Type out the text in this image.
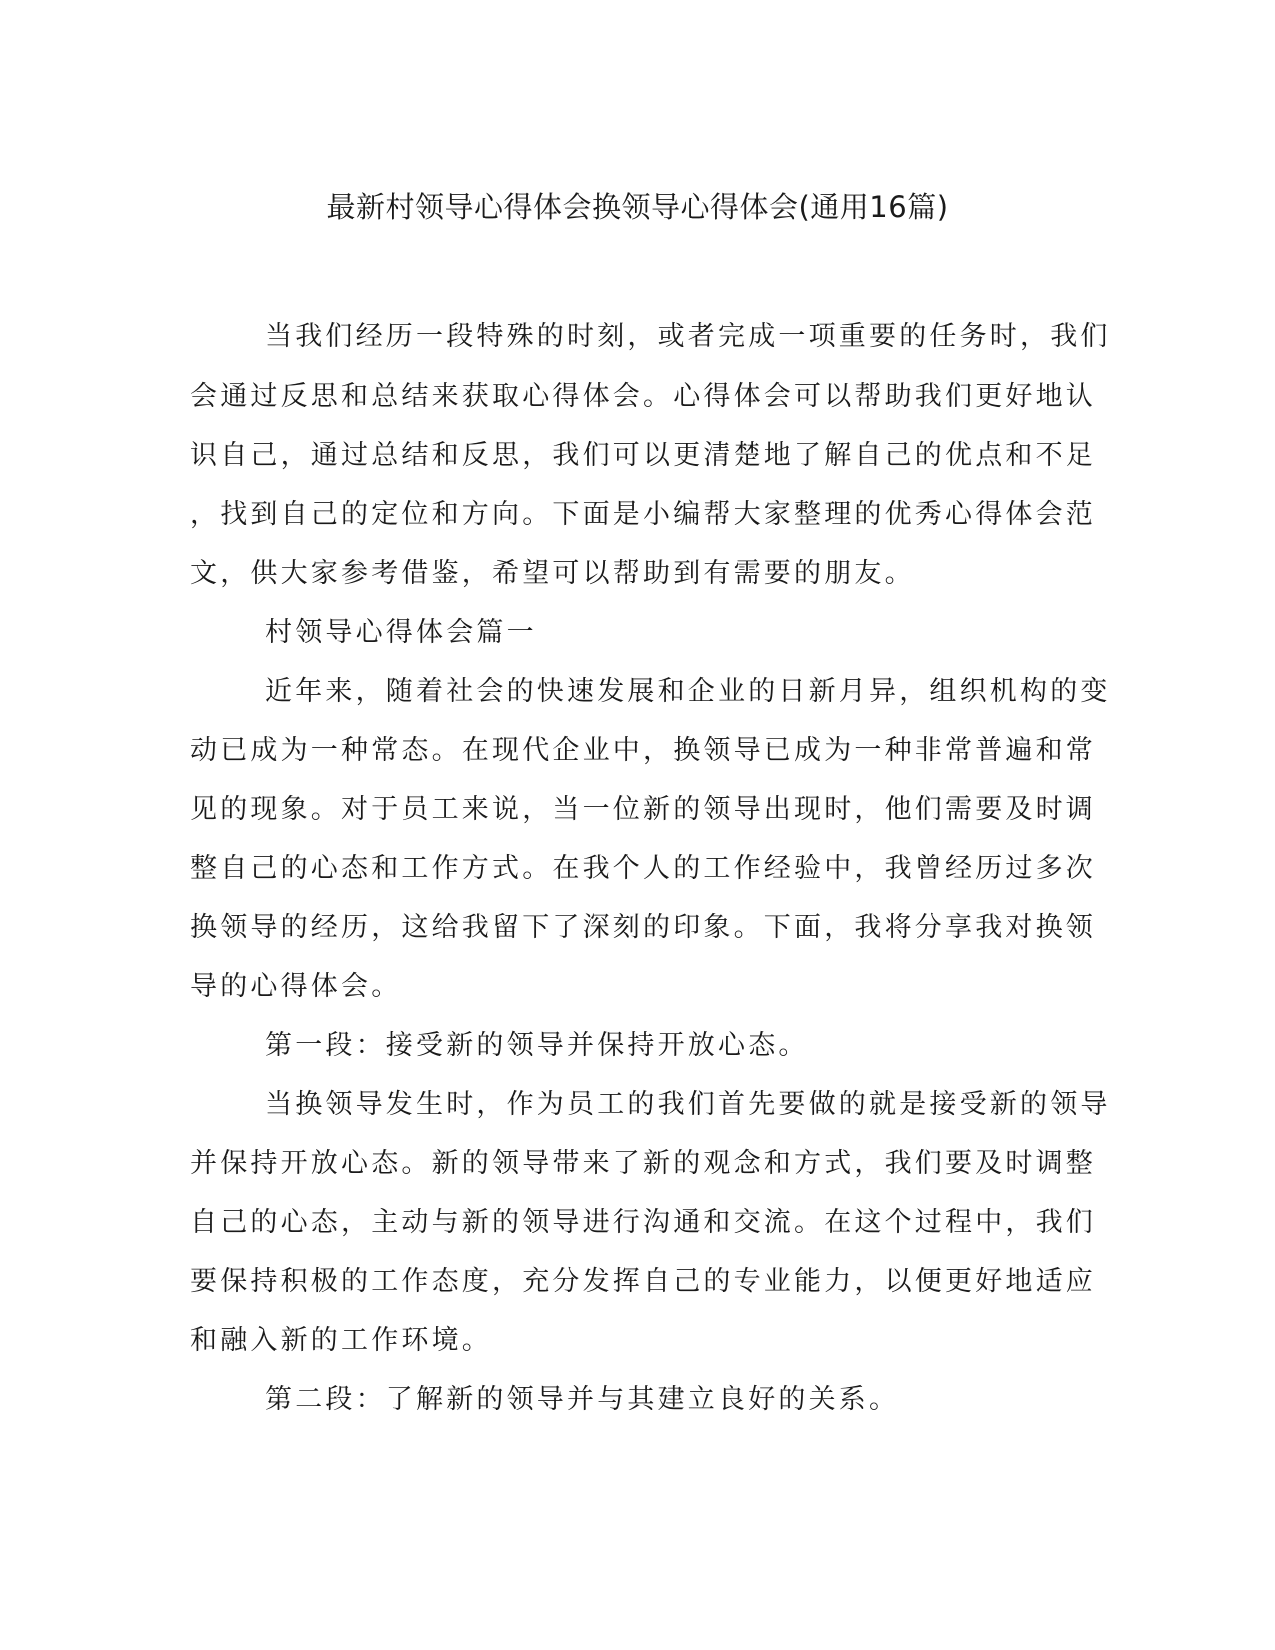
最新村领导心得体会换领导心得体会(通用16篇)
当我们经历一段特殊的时刻，或者完成一项重要的任务时，我们
会通过反思和总结来获取心得体会。心得体会可以帮助我们更好地认
识自己，通过总结和反思，我们可以更清楚地了解自己的优点和不足
，找到自己的定位和方向。下面是小编帮大家整理的优秀心得体会范
文，供大家参考借鉴，希望可以帮助到有需要的朋友。
村领导心得体会篇一
近年来，随着社会的快速发展和企业的日新月异，组织机构的变
动已成为一种常态。在现代企业中，换领导已成为一种非常普遍和常
见的现象。对于员工来说，当一位新的领导出现时，他们需要及时调
整自己的心态和工作方式。在我个人的工作经验中，我曾经历过多次
换领导的经历，这给我留下了深刻的印象。下面，我将分享我对换领
导的心得体会。
第一段：接受新的领导并保持开放心态。
当换领导发生时，作为员工的我们首先要做的就是接受新的领导
并保持开放心态。新的领导带来了新的观念和方式，我们要及时调整
自己的心态，主动与新的领导进行沟通和交流。在这个过程中，我们
要保持积极的工作态度，充分发挥自己的专业能力，以便更好地适应
和融入新的工作环境。
第二段：了解新的领导并与其建立良好的关系。
